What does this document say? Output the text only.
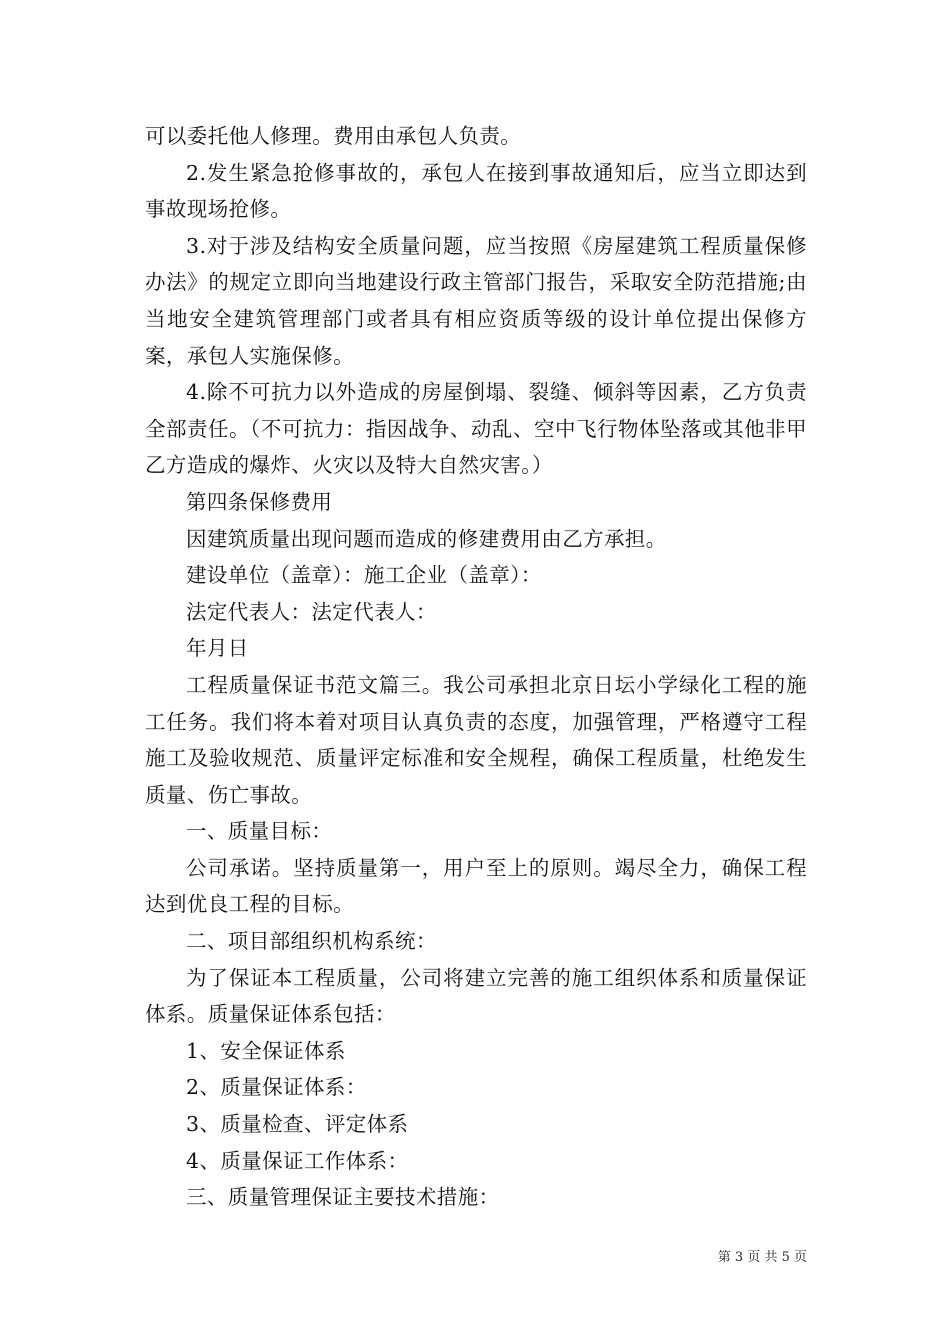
可以委托他人修理。费用由承包人负责。

2.发生紧急抢修事故的，承包人在接到事故通知后，应当立即达到事故现场抢修。

3.对于涉及结构安全质量问题，应当按照《房屋建筑工程质量保修办法》的规定立即向当地建设行政主管部门报告，采取安全防范措施;由当地安全建筑管理部门或者具有相应资质等级的设计单位提出保修方案，承包人实施保修。

4.除不可抗力以外造成的房屋倒塌、裂缝、倾斜等因素，乙方负责全部责任。（不可抗力：指因战争、动乱、空中飞行物体坠落或其他非甲乙方造成的爆炸、火灾以及特大自然灾害。）

第四条保修费用

因建筑质量出现问题而造成的修建费用由乙方承担。

建设单位（盖章）：施工企业（盖章）：

法定代表人：法定代表人：

年月日

工程质量保证书范文篇三。我公司承担北京日坛小学绿化工程的施工任务。我们将本着对项目认真负责的态度，加强管理，严格遵守工程施工及验收规范、质量评定标准和安全规程，确保工程质量，杜绝发生质量、伤亡事故。

一、质量目标：

公司承诺。坚持质量第一，用户至上的原则。竭尽全力，确保工程达到优良工程的目标。

二、项目部组织机构系统：

为了保证本工程质量，公司将建立完善的施工组织体系和质量保证体系。质量保证体系包括：

1、安全保证体系

2、质量保证体系：

3、质量检查、评定体系

4、质量保证工作体系：

三、质量管理保证主要技术措施：

第 3 页 共 5 页
